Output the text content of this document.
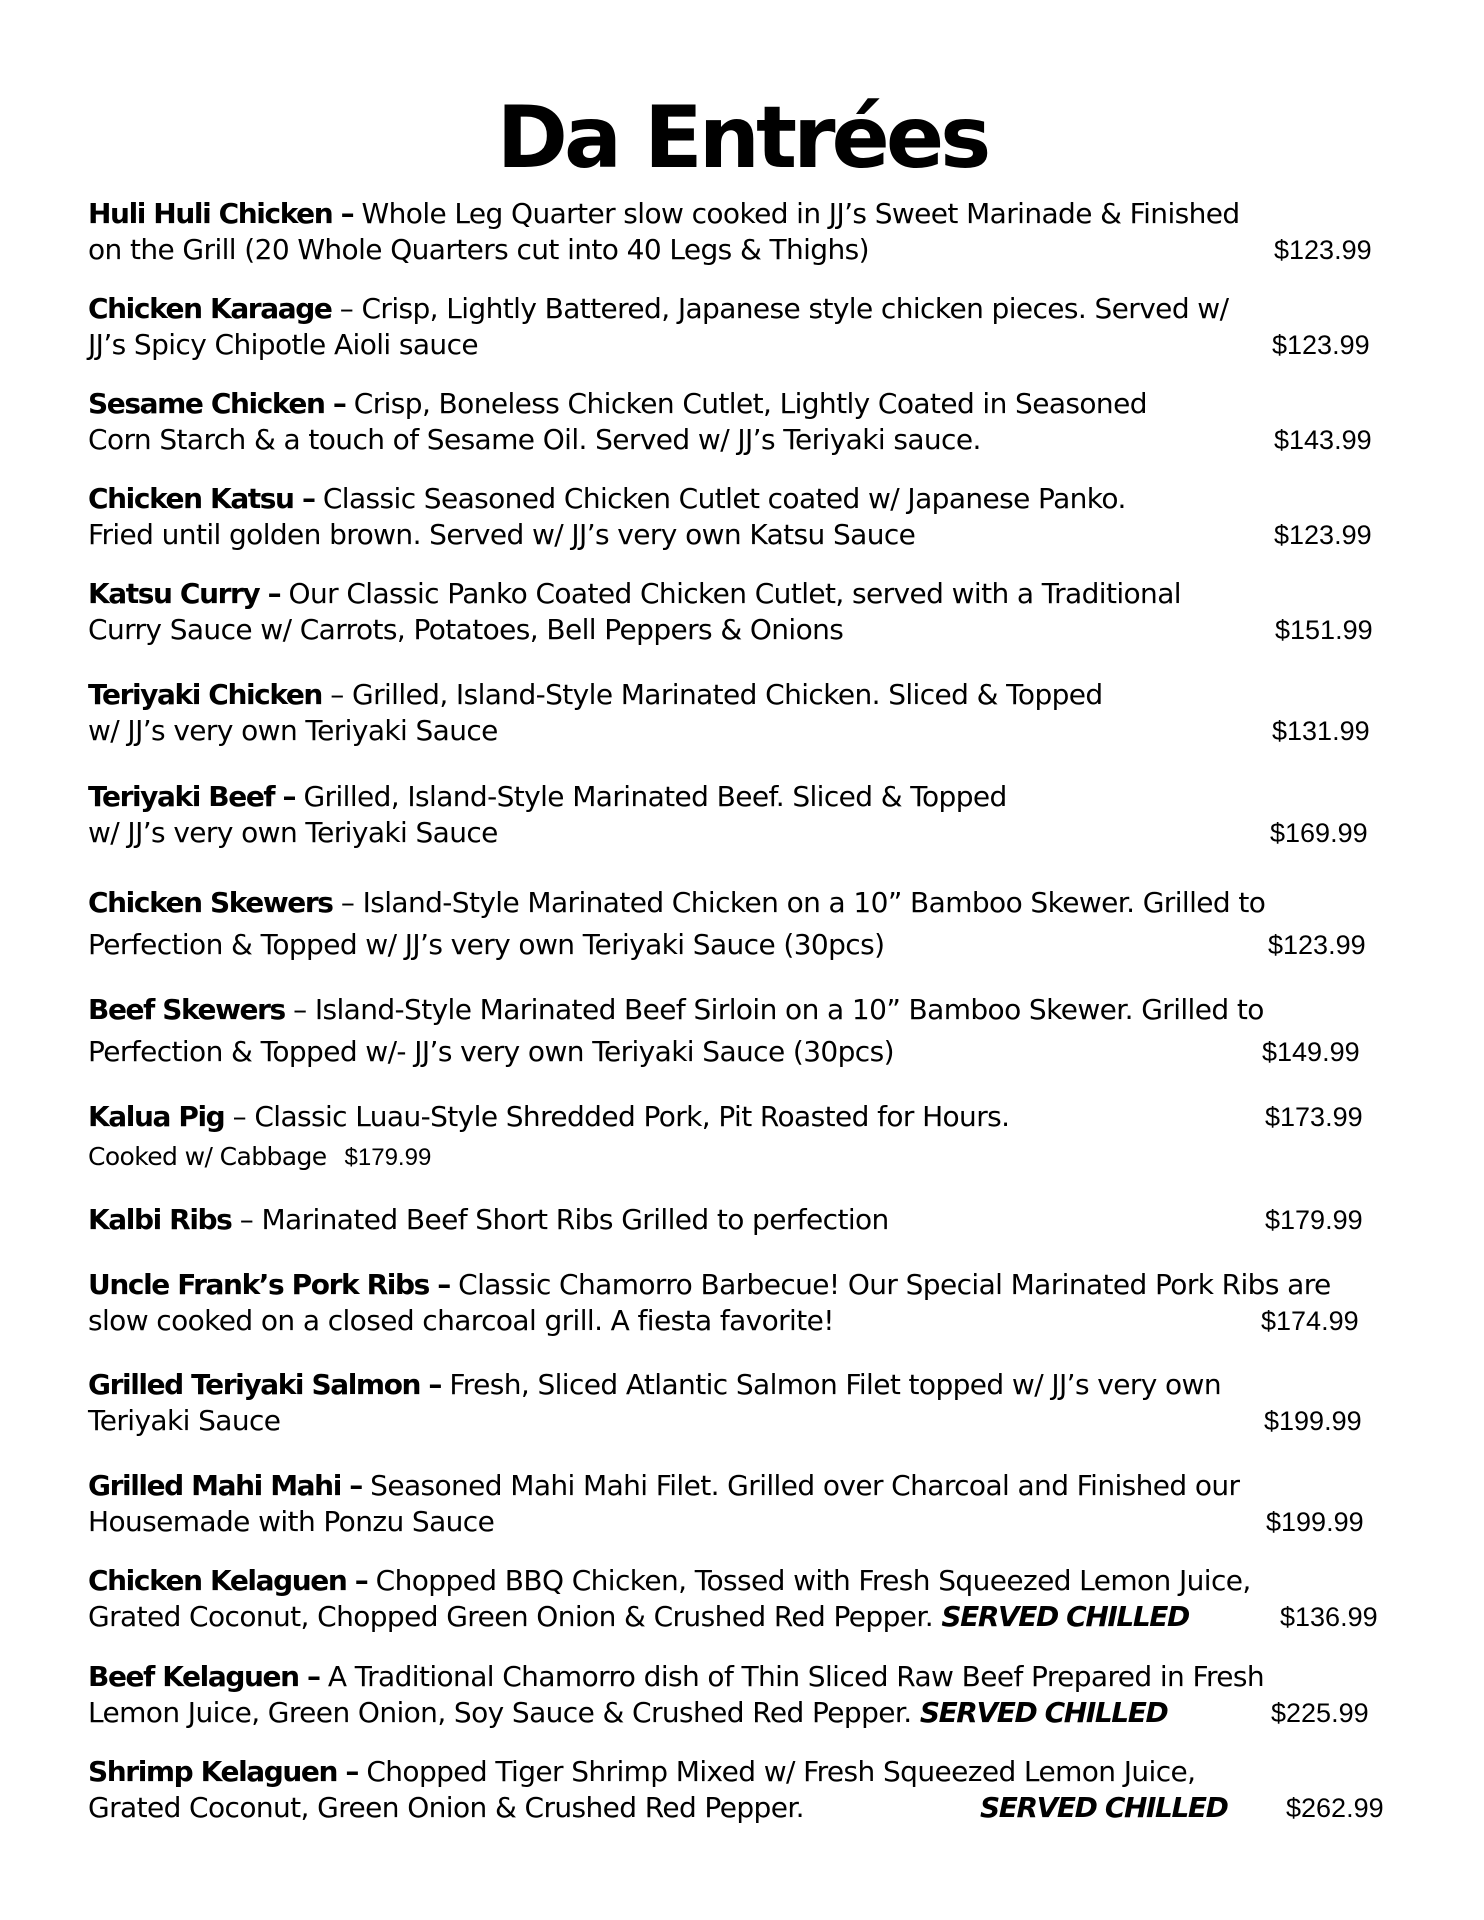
Da Entrées
Huli Huli Chicken – Whole Leg Quarter slow cooked in JJ’s Sweet Marinade & Finished
on the Grill (20 Whole Quarters cut into 40 Legs & Thighs)	$123.99
Chicken Karaage – Crisp, Lightly Battered, Japanese style chicken pieces. Served w/
JJ’s Spicy Chipotle Aioli sauce	$123.99
Sesame Chicken – Crisp, Boneless Chicken Cutlet, Lightly Coated in Seasoned
Corn Starch & a touch of Sesame Oil. Served w/ JJ’s Teriyaki sauce.	$143.99
Chicken Katsu – Classic Seasoned Chicken Cutlet coated w/ Japanese Panko.
Fried until golden brown. Served w/ JJ’s very own Katsu Sauce	$123.99
Katsu Curry – Our Classic Panko Coated Chicken Cutlet, served with a Traditional
Curry Sauce w/ Carrots, Potatoes, Bell Peppers & Onions	$151.99
Teriyaki Chicken – Grilled, Island-Style Marinated Chicken. Sliced & Topped
w/ JJ’s very own Teriyaki Sauce	$131.99
Teriyaki Beef – Grilled, Island-Style Marinated Beef. Sliced & Topped
w/ JJ’s very own Teriyaki Sauce	$169.99
Chicken Skewers – Island-Style Marinated Chicken on a 10” Bamboo Skewer. Grilled to
Perfection & Topped w/ JJ’s very own Teriyaki Sauce (30pcs)	$123.99
Beef Skewers – Island-Style Marinated Beef Sirloin on a 10” Bamboo Skewer. Grilled to
Perfection & Topped w/- JJ’s very own Teriyaki Sauce (30pcs)	$149.99
Kalua Pig – Classic Luau-Style Shredded Pork, Pit Roasted for Hours.	$173.99
Cooked w/ Cabbage $179.99
Kalbi Ribs – Marinated Beef Short Ribs Grilled to perfection	$179.99
Uncle Frank’s Pork Ribs – Classic Chamorro Barbecue! Our Special Marinated Pork Ribs are
slow cooked on a closed charcoal grill. A fiesta favorite!	$174.99
Grilled Teriyaki Salmon – Fresh, Sliced Atlantic Salmon Filet topped w/ JJ’s very own
Teriyaki Sauce	$199.99
Grilled Mahi Mahi – Seasoned Mahi Mahi Filet. Grilled over Charcoal and Finished our
Housemade with Ponzu Sauce	$199.99
Chicken Kelaguen – Chopped BBQ Chicken, Tossed with Fresh Squeezed Lemon Juice,
Grated Coconut, Chopped Green Onion & Crushed Red Pepper. SERVED CHILLED	$136.99
Beef Kelaguen – A Traditional Chamorro dish of Thin Sliced Raw Beef Prepared in Fresh
Lemon Juice, Green Onion, Soy Sauce & Crushed Red Pepper. SERVED CHILLED	$225.99
Shrimp Kelaguen – Chopped Tiger Shrimp Mixed w/ Fresh Squeezed Lemon Juice,
Grated Coconut, Green Onion & Crushed Red Pepper.	SERVED CHILLED $262.99
